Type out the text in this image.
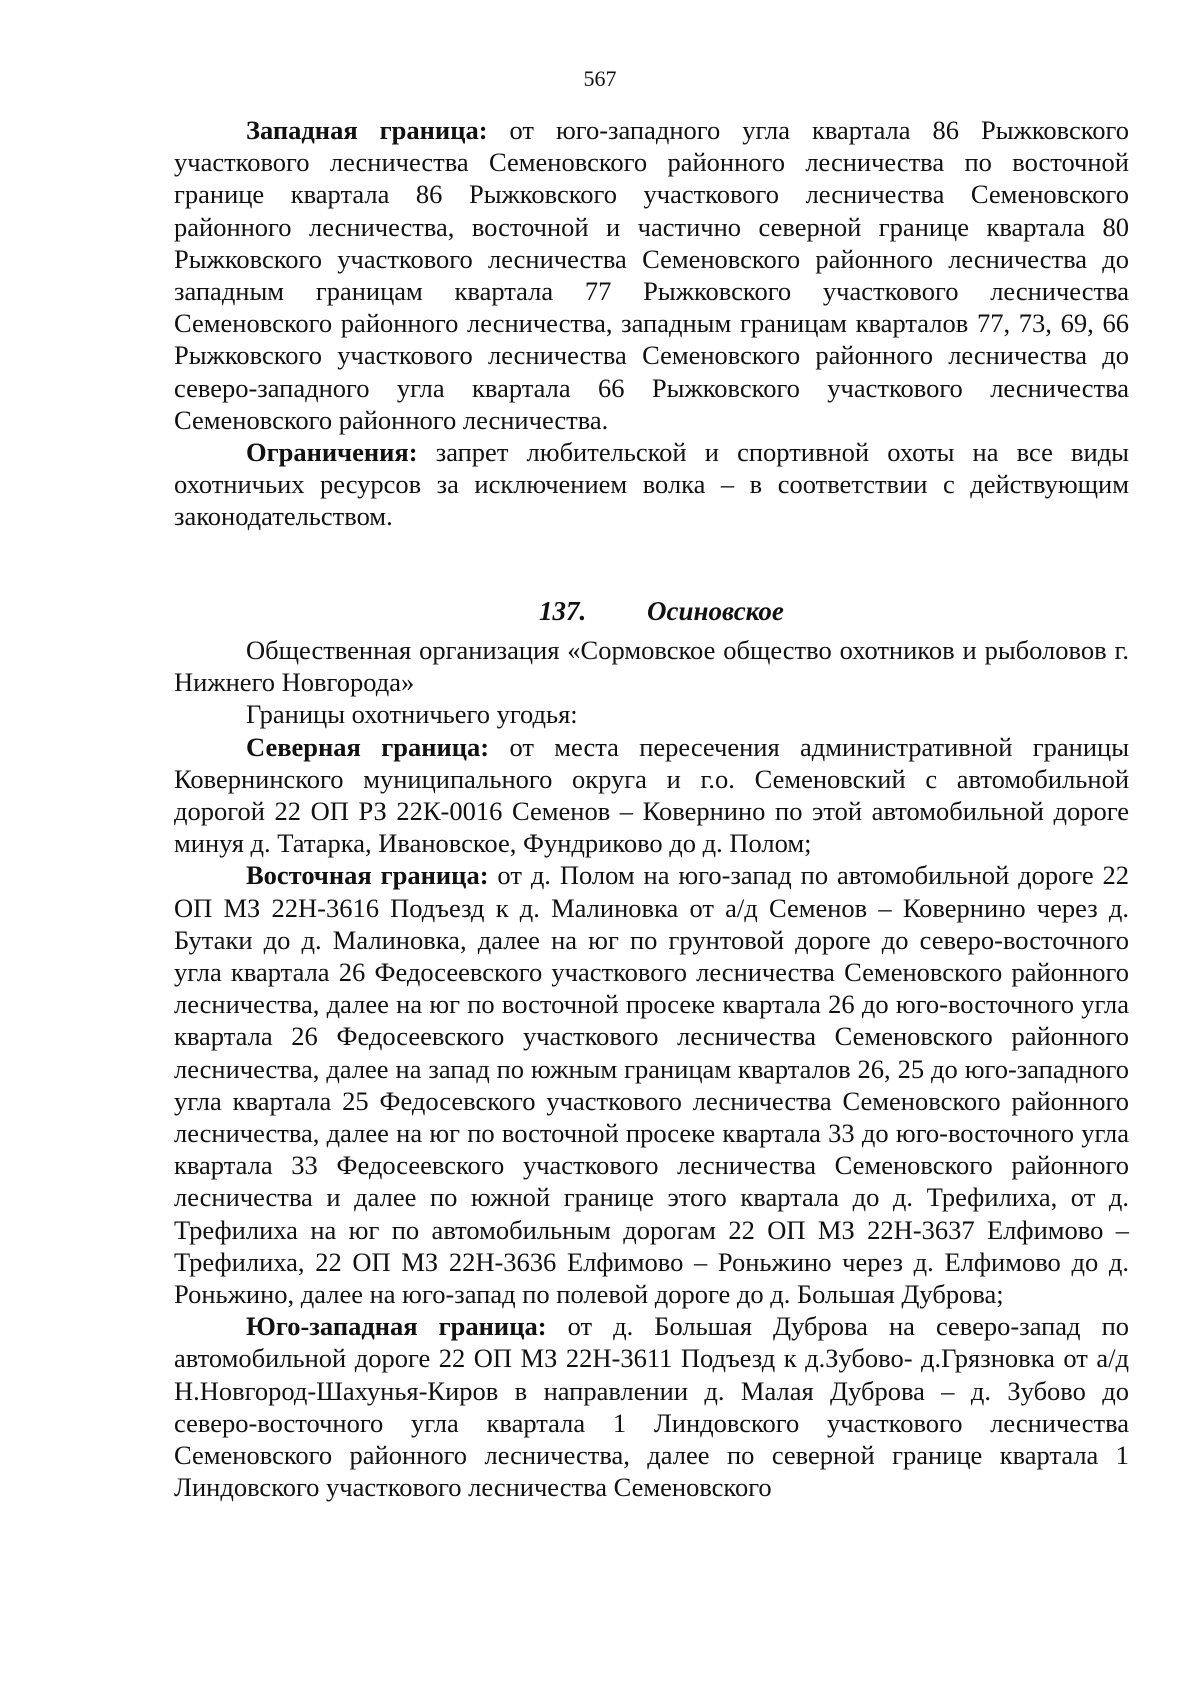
567

Западная граница: от юго-западного угла квартала 86 Рыжковского участкового лесничества Семеновского районного лесничества по восточной границе квартала 86 Рыжковского участкового лесничества Семеновского районного лесничества, восточной и частично северной границе квартала 80 Рыжковского участкового лесничества Семеновского районного лесничества до западным границам квартала 77 Рыжковского участкового лесничества Семеновского районного лесничества, западным границам кварталов 77, 73, 69, 66 Рыжковского участкового лесничества Семеновского районного лесничества до северо-западного угла квартала 66 Рыжковского участкового лесничества Семеновского районного лесничества.

Ограничения: запрет любительской и спортивной охоты на все виды охотничьих ресурсов за исключением волка – в соответствии с действующим законодательством.

137. Осиновское

Общественная организация «Сормовское общество охотников и рыболовов г. Нижнего Новгорода»

Границы охотничьего угодья:

Северная граница: от места пересечения административной границы Ковернинского муниципального округа и г.о. Семеновский с автомобильной дорогой 22 ОП РЗ 22К-0016 Семенов – Ковернино по этой автомобильной дороге минуя д. Татарка, Ивановское, Фундриково до д. Полом;

Восточная граница: от д. Полом на юго-запад по автомобильной дороге 22 ОП МЗ 22Н-3616 Подъезд к д. Малиновка от а/д Семенов – Ковернино через д. Бутаки до д. Малиновка, далее на юг по грунтовой дороге до северо-восточного угла квартала 26 Федосеевского участкового лесничества Семеновского районного лесничества, далее на юг по восточной просеке квартала 26 до юго-восточного угла квартала 26 Федосеевского участкового лесничества Семеновского районного лесничества, далее на запад по южным границам кварталов 26, 25 до юго-западного угла квартала 25 Федосевского участкового лесничества Семеновского районного лесничества, далее на юг по восточной просеке квартала 33 до юго-восточного угла квартала 33 Федосеевского участкового лесничества Семеновского районного лесничества и далее по южной границе этого квартала до д. Трефилиха, от д. Трефилиха на юг по автомобильным дорогам 22 ОП МЗ 22Н-3637 Елфимово – Трефилиха, 22 ОП МЗ 22Н-3636 Елфимово – Роньжино через д. Елфимово до д. Роньжино, далее на юго-запад по полевой дороге до д. Большая Дуброва;

Юго-западная граница: от д. Большая Дуброва на северо-запад по автомобильной дороге 22 ОП МЗ 22Н-3611 Подъезд к д.Зубово- д.Грязновка от а/д Н.Новгород-Шахунья-Киров в направлении д. Малая Дуброва – д. Зубово до северо-восточного угла квартала 1 Линдовского участкового лесничества Семеновского районного лесничества, далее по северной границе квартала 1 Линдовского участкового лесничества Семеновского
